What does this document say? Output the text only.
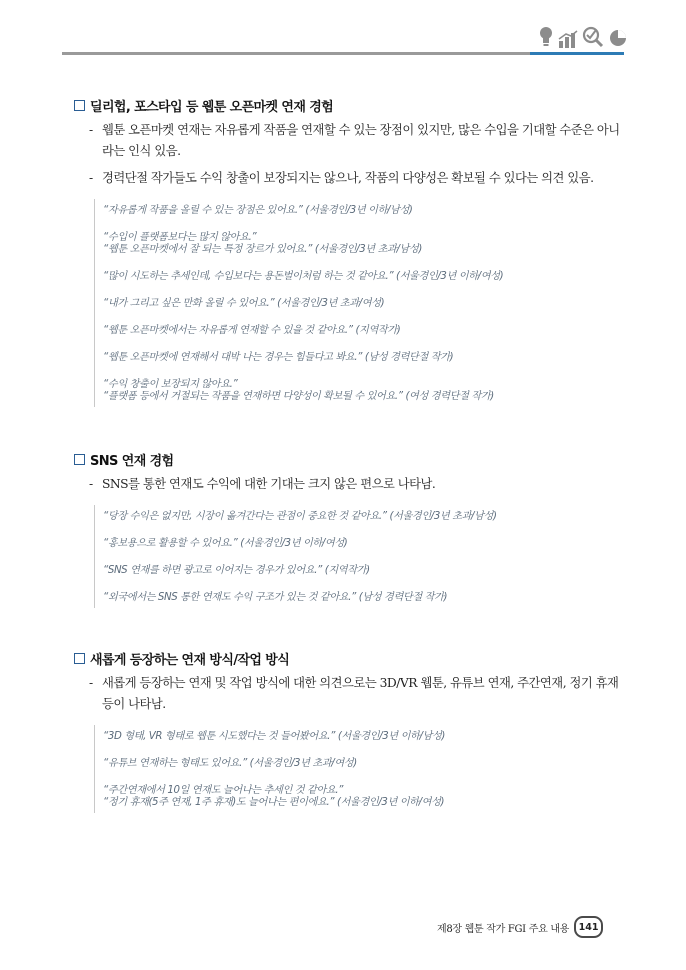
딜리헙, 포스타입 등 웹툰 오픈마켓 연재 경험
- 웹툰 오픈마켓 연재는 자유롭게 작품을 연재할 수 있는 장점이 있지만, 많은 수입을 기대할 수준은 아니라는 인식 있음.
- 경력단절 작가들도 수익 창출이 보장되지는 않으나, 작품의 다양성은 확보될 수 있다는 의견 있음.
“자유롭게 작품을 올릴 수 있는 장점은 있어요.” (서울경인/3년 이하/남성)
“수입이 플랫폼보다는 많지 않아요.”
“웹툰 오픈마켓에서 잘 되는 특정 장르가 있어요.” (서울경인/3년 초과/남성)
“많이 시도하는 추세인데, 수입보다는 용돈벌이처럼 하는 것 같아요.” (서울경인/3년 이하/여성)
“내가 그리고 싶은 만화 올릴 수 있어요.” (서울경인/3년 초과/여성)
“웹툰 오픈마켓에서는 자유롭게 연재할 수 있을 것 같아요.” (지역작가)
“웹툰 오픈마켓에 연재해서 대박 나는 경우는 힘들다고 봐요.” (남성 경력단절 작가)
“수익 창출이 보장되지 않아요.”
“플랫폼 등에서 거절되는 작품을 연재하면 다양성이 확보될 수 있어요.” (여성 경력단절 작가)
SNS 연재 경험
- SNS를 통한 연재도 수익에 대한 기대는 크지 않은 편으로 나타남.
“당장 수익은 없지만, 시장이 옮겨간다는 관점이 중요한 것 같아요.” (서울경인/3년 초과/남성)
“홍보용으로 활용할 수 있어요.” (서울경인/3년 이하/여성)
“SNS 연재를 하면 광고로 이어지는 경우가 있어요.” (지역작가)
“외국에서는 SNS 통한 연재도 수익 구조가 있는 것 같아요.” (남성 경력단절 작가)
새롭게 등장하는 연재 방식/작업 방식
- 새롭게 등장하는 연재 및 작업 방식에 대한 의견으로는 3D/VR 웹툰, 유튜브 연재, 주간연재, 정기 휴재 등이 나타남.
“3D 형태, VR 형태로 웹툰 시도했다는 것 들어봤어요.” (서울경인/3년 이하/남성)
“유튜브 연재하는 형태도 있어요.” (서울경인/3년 초과/여성)
“주간연재에서 10일 연재도 늘어나는 추세인 것 같아요.”
“정기 휴재(5주 연재, 1주 휴재)도 늘어나는 편이에요.” (서울경인/3년 이하/여성)
제8장 웹툰 작가 FGI 주요 내용	141
